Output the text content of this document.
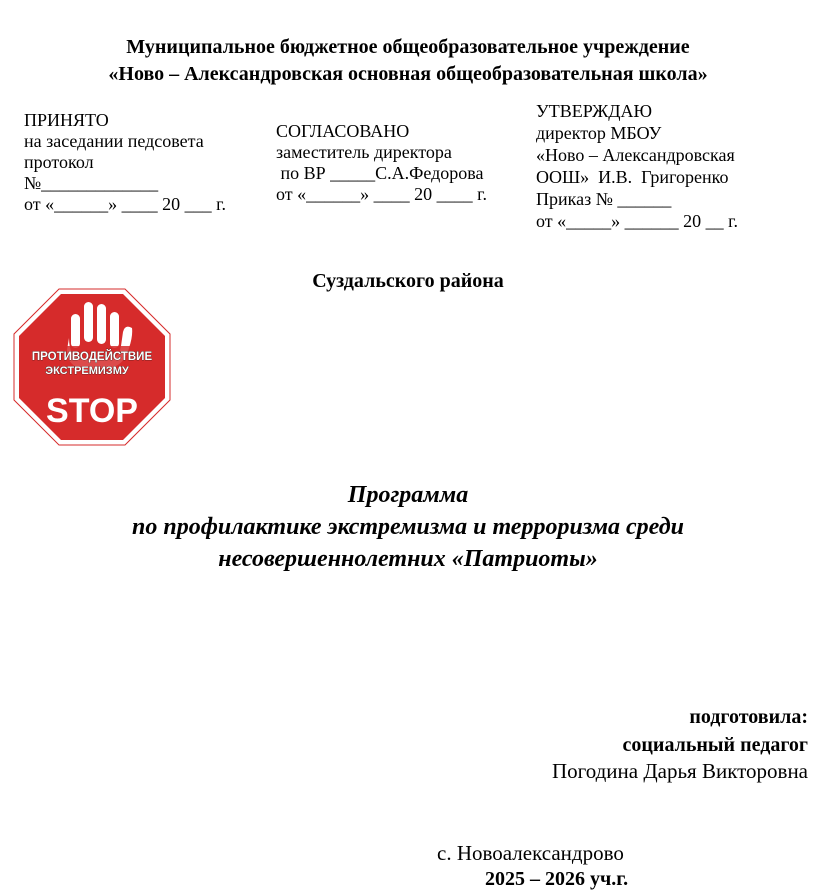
Муниципальное бюджетное общеобразовательное учреждение
«Ново – Александровская основная общеобразовательная школа»
ПРИНЯТО
на заседании педсовета
протокол
№_____________
от «______» ____ 20 ___ г.
СОГЛАСОВАНО
заместитель директора
по ВР _____С.А.Федорова
от «______» ____ 20 ____ г.
УТВЕРЖДАЮ
директор МБОУ
«Ново – Александровская
ООШ»  И.В.  Григоренко
Приказ № ______
от «_____» ______ 20 __ г.
Суздальского района
ПРОТИВОДЕЙСТВИЕ
ЭКСТРЕМИЗМУ
STOP
Программа
по профилактике экстремизма и терроризма среди
несовершеннолетних «Патриоты»
подготовила:
социальный педагог
Погодина Дарья Викторовна
с. Новоалександрово
2025 – 2026 уч.г.
